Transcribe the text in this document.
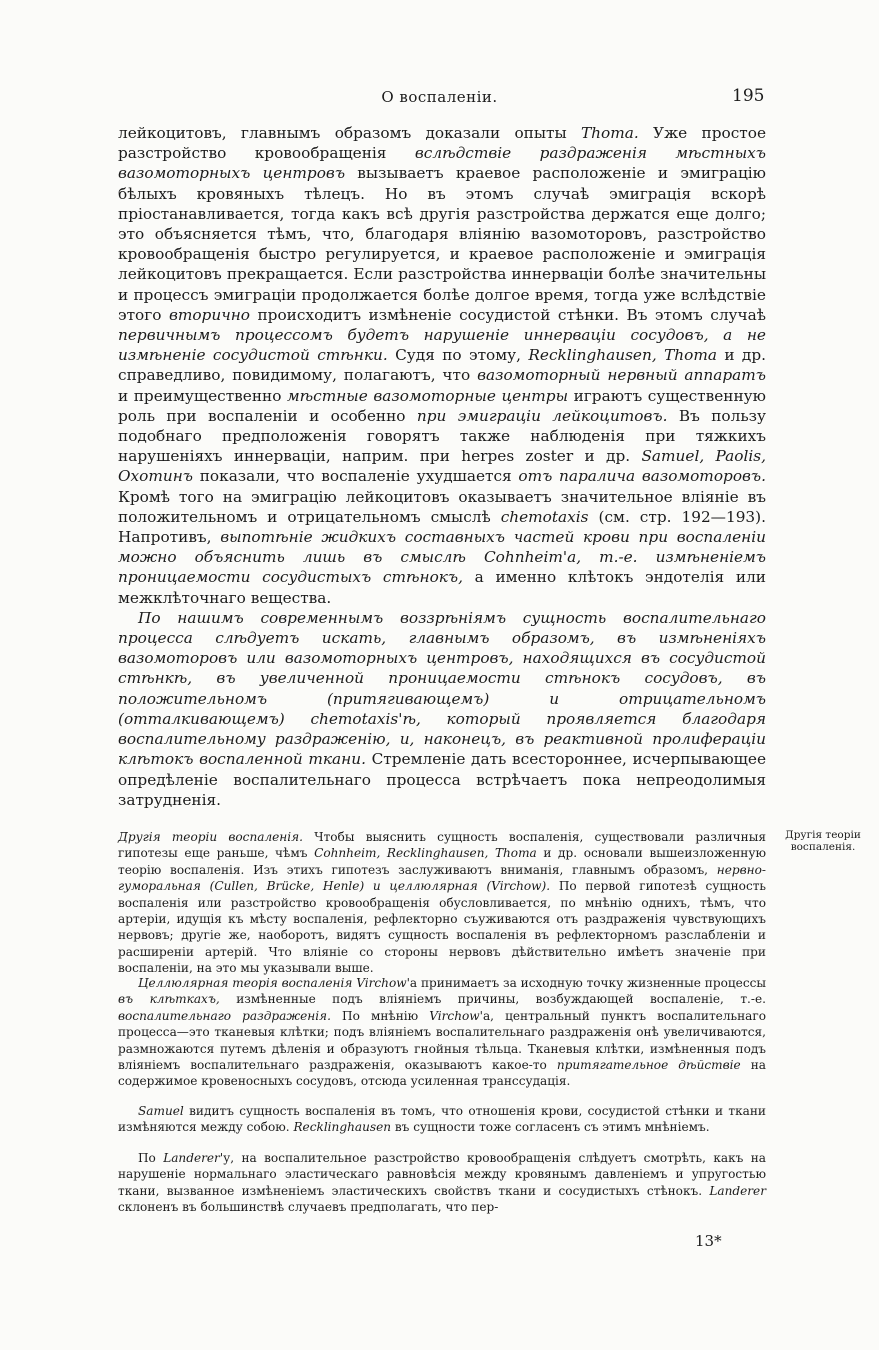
О воспаленіи.	195

лейкоцитовъ, главнымъ образомъ доказали опыты Thoma. Уже простое разстройство кровообращенія вслѣдствіе раздраженія мѣстныхъ вазомоторныхъ центровъ вызываетъ краевое расположеніе и эмиграцію бѣлыхъ кровяныхъ тѣлецъ. Но въ этомъ случаѣ эмиграція вскорѣ пріостанавливается, тогда какъ всѣ другія разстройства держатся еще долго; это объясняется тѣмъ, что, благодаря вліянію вазомоторовъ, разстройство кровообращенія быстро регулируется, и краевое расположеніе и эмиграція лейкоцитовъ прекращается. Если разстройства иннерваціи болѣе значительны и процессъ эмиграціи продолжается болѣе долгое время, тогда уже вслѣдствіе этого вторично происходитъ измѣненіе сосудистой стѣнки. Въ этомъ случаѣ первичнымъ процессомъ будетъ нарушеніе иннерваціи сосудовъ, а не измѣненіе сосудистой стѣнки. Судя по этому, Recklinghausen, Thoma и др. справедливо, повидимому, полагаютъ, что вазомоторный нервный аппаратъ и преимущественно мѣстные вазомоторные центры играютъ существенную роль при воспаленіи и особенно при эмиграціи лейкоцитовъ. Въ пользу подобнаго предположенія говорятъ также наблюденія при тяжкихъ нарушеніяхъ иннерваціи, наприм. при herpes zoster и др. Samuel, Paolis, Охотинъ показали, что воспаленіе ухудшается отъ паралича вазомоторовъ. Кромѣ того на эмиграцію лейкоцитовъ оказываетъ значительное вліяніе въ положительномъ и отрицательномъ смыслѣ chemotaxis (см. стр. 192—193). Напротивъ, выпотѣніе жидкихъ составныхъ частей крови при воспаленіи можно объяснить лишь въ смыслѣ Cohnheim'a, т.-е. измѣненіемъ проницаемости сосудистыхъ стѣнокъ, а именно клѣтокъ эндотелія или межклѣточнаго вещества.

По нашимъ современнымъ воззрѣніямъ сущность воспалительнаго процесса слѣдуетъ искать, главнымъ образомъ, въ измѣненіяхъ вазомоторовъ или вазомоторныхъ центровъ, находящихся въ сосудистой стѣнкѣ, въ увеличенной проницаемости стѣнокъ сосудовъ, въ положительномъ (притягивающемъ) и отрицательномъ (отталкивающемъ) chemotaxis'ѣ, который проявляется благодаря воспалительному раздраженію, и, наконецъ, въ реактивной пролифераціи клѣтокъ воспаленной ткани. Стремленіе дать всестороннее, исчерпывающее опредѣленіе воспалительнаго процесса встрѣчаетъ пока непреодолимыя затрудненія.

Другія теоріи воспаленія. Чтобы выяснить сущность воспаленія, существовали различныя гипотезы еще раньше, чѣмъ Cohnheim, Recklinghausen, Thoma и др. основали вышеизложенную теорію воспаленія. Изъ этихъ гипотезъ заслуживаютъ вниманія, главнымъ образомъ, нервно-гуморальная (Cullen, Brücke, Henle) и целлюлярная (Virchow). По первой гипотезѣ сущность воспаленія или разстройство кровообращенія обусловливается, по мнѣнію однихъ, тѣмъ, что артеріи, идущія къ мѣсту воспаленія, рефлекторно съуживаются отъ раздраженія чувствующихъ нервовъ; другіе же, наоборотъ, видятъ сущность воспаленія въ рефлекторномъ разслабленіи и расширеніи артерій. Что вліяніе со стороны нервовъ дѣйствительно имѣетъ значеніе при воспаленіи, на это мы указывали выше.

Другія теоріи воспаленія.

Целлюлярная теорія воспаленія Virchow'а принимаетъ за исходную точку жизненные процессы въ клѣткахъ, измѣненные подъ вліяніемъ причины, возбуждающей воспаленіе, т.-е. воспалительнаго раздраженія. По мнѣнію Virchow'а, центральный пунктъ воспалительнаго процесса—это тканевыя клѣтки; подъ вліяніемъ воспалительнаго раздраженія онѣ увеличиваются, размножаются путемъ дѣленія и образуютъ гнойныя тѣльца. Тканевыя клѣтки, измѣненныя подъ вліяніемъ воспалительнаго раздраженія, оказываютъ какое-то притягательное дѣйствіе на содержимое кровеносныхъ сосудовъ, отсюда усиленная транссудація.

Samuel видитъ сущность воспаленія въ томъ, что отношенія крови, сосудистой стѣнки и ткани измѣняются между собою. Recklinghausen въ сущности тоже согласенъ съ этимъ мнѣніемъ.

По Landerer'у, на воспалительное разстройство кровообращенія слѣдуетъ смотрѣть, какъ на нарушеніе нормальнаго эластическаго равновѣсія между кровянымъ давленіемъ и упругостью ткани, вызванное измѣненіемъ эластическихъ свойствъ ткани и сосудистыхъ стѣнокъ. Landerer склоненъ въ большинствѣ случаевъ предполагать, что пер-

13*
